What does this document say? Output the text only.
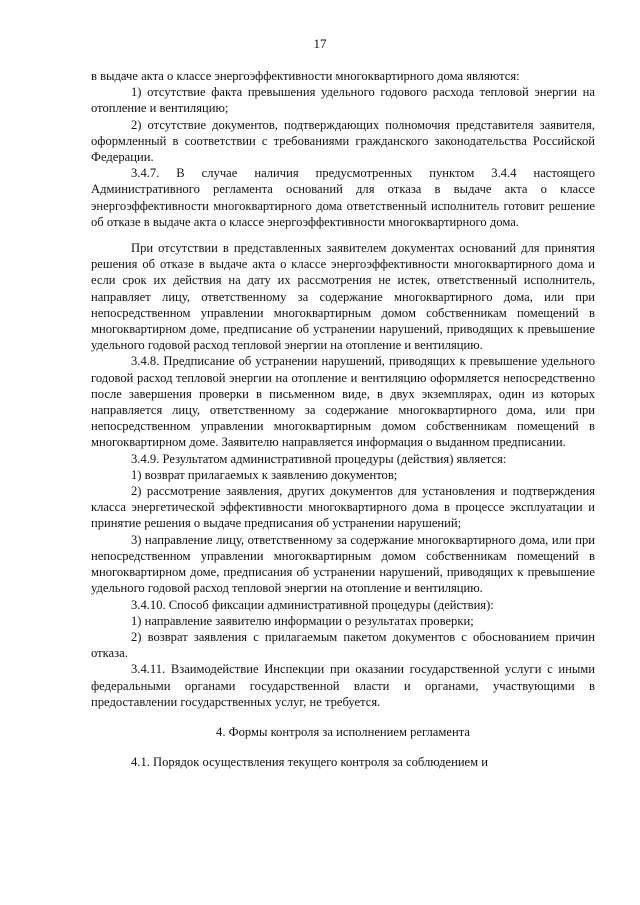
17

в выдаче акта о классе энергоэффективности многоквартирного дома являются:

1) отсутствие факта превышения удельного годового расхода тепловой энергии на отопление и вентиляцию;

2) отсутствие документов, подтверждающих полномочия представителя заявителя, оформленный в соответствии с требованиями гражданского законодательства Российской Федерации.

3.4.7. В случае наличия предусмотренных пунктом 3.4.4 настоящего Административного регламента оснований для отказа в выдаче акта о классе энергоэффективности многоквартирного дома ответственный исполнитель готовит решение об отказе в выдаче акта о классе энергоэффективности многоквартирного дома.

При отсутствии в представленных заявителем документах оснований для принятия решения об отказе в выдаче акта о классе энергоэффективности многоквартирного дома и если срок их действия на дату их рассмотрения не истек, ответственный исполнитель, направляет лицу, ответственному за содержание многоквартирного дома, или при непосредственном управлении многоквартирным домом собственникам помещений в многоквартирном доме, предписание об устранении нарушений, приводящих к превышение удельного годовой расход тепловой энергии на отопление и вентиляцию.

3.4.8. Предписание об устранении нарушений, приводящих к превышение удельного годовой расход тепловой энергии на отопление и вентиляцию оформляется непосредственно после завершения проверки в письменном виде, в двух экземплярах, один из которых направляется лицу, ответственному за содержание многоквартирного дома, или при непосредственном управлении многоквартирным домом собственникам помещений в многоквартирном доме. Заявителю направляется информация о выданном предписании.

3.4.9. Результатом административной процедуры (действия) является:

1) возврат прилагаемых к заявлению документов;

2) рассмотрение заявления, других документов для установления и подтверждения класса энергетической эффективности многоквартирного дома в процессе эксплуатации и принятие решения о выдаче предписания об устранении нарушений;

3) направление лицу, ответственному за содержание многоквартирного дома, или при непосредственном управлении многоквартирным домом собственникам помещений в многоквартирном доме, предписания об устранении нарушений, приводящих к превышение удельного годовой расход тепловой энергии на отопление и вентиляцию.

3.4.10. Способ фиксации административной процедуры (действия):

1) направление заявителю информации о результатах проверки;

2) возврат заявления с прилагаемым пакетом документов с обоснованием причин отказа.

3.4.11. Взаимодействие Инспекции при оказании государственной услуги с иными федеральными органами государственной власти и органами, участвующими в предоставлении государственных услуг, не требуется.

4. Формы контроля за исполнением регламента

4.1. Порядок осуществления текущего контроля за соблюдением и
